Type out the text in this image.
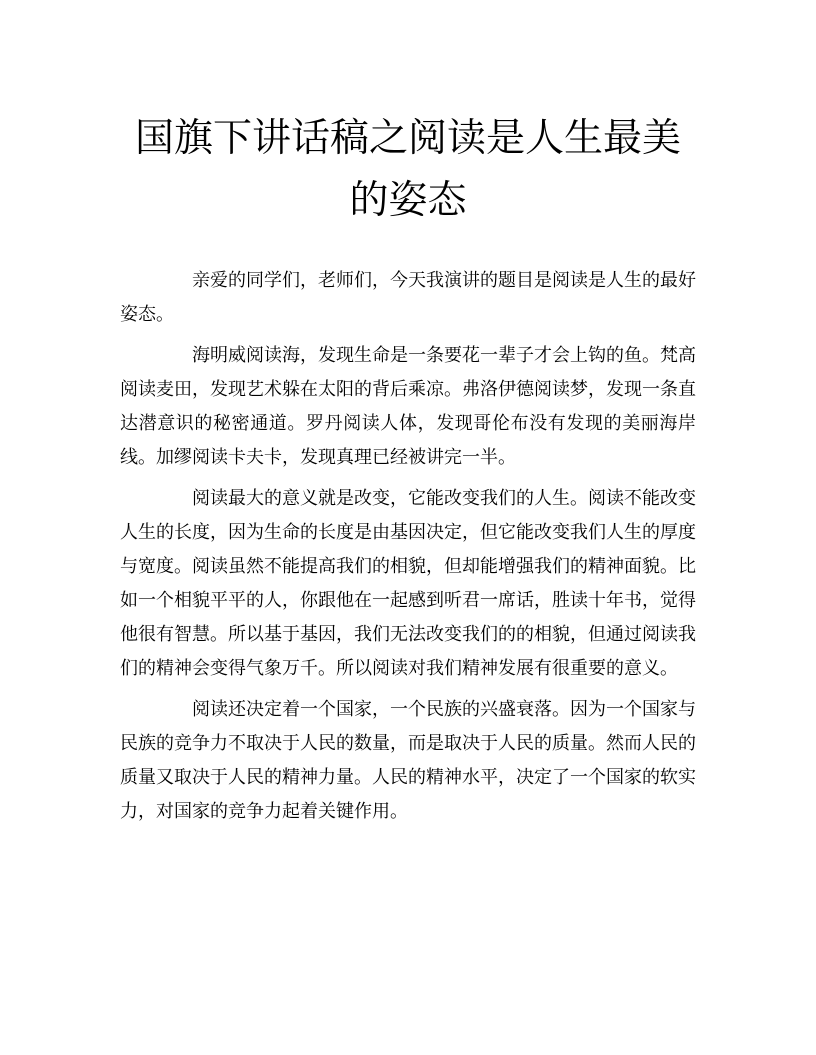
国旗下讲话稿之阅读是人生最美的姿态

亲爱的同学们，老师们，今天我演讲的题目是阅读是人生的最好姿态。

海明威阅读海，发现生命是一条要花一辈子才会上钩的鱼。梵高阅读麦田，发现艺术躲在太阳的背后乘凉。弗洛伊德阅读梦，发现一条直达潜意识的秘密通道。罗丹阅读人体，发现哥伦布没有发现的美丽海岸线。加缪阅读卡夫卡，发现真理已经被讲完一半。

阅读最大的意义就是改变，它能改变我们的人生。阅读不能改变人生的长度，因为生命的长度是由基因决定，但它能改变我们人生的厚度与宽度。阅读虽然不能提高我们的相貌，但却能增强我们的精神面貌。比如一个相貌平平的人，你跟他在一起感到听君一席话，胜读十年书，觉得他很有智慧。所以基于基因，我们无法改变我们的的相貌，但通过阅读我们的精神会变得气象万千。所以阅读对我们精神发展有很重要的意义。

阅读还决定着一个国家，一个民族的兴盛衰落。因为一个国家与民族的竞争力不取决于人民的数量，而是取决于人民的质量。然而人民的质量又取决于人民的精神力量。人民的精神水平，决定了一个国家的软实力，对国家的竞争力起着关键作用。
